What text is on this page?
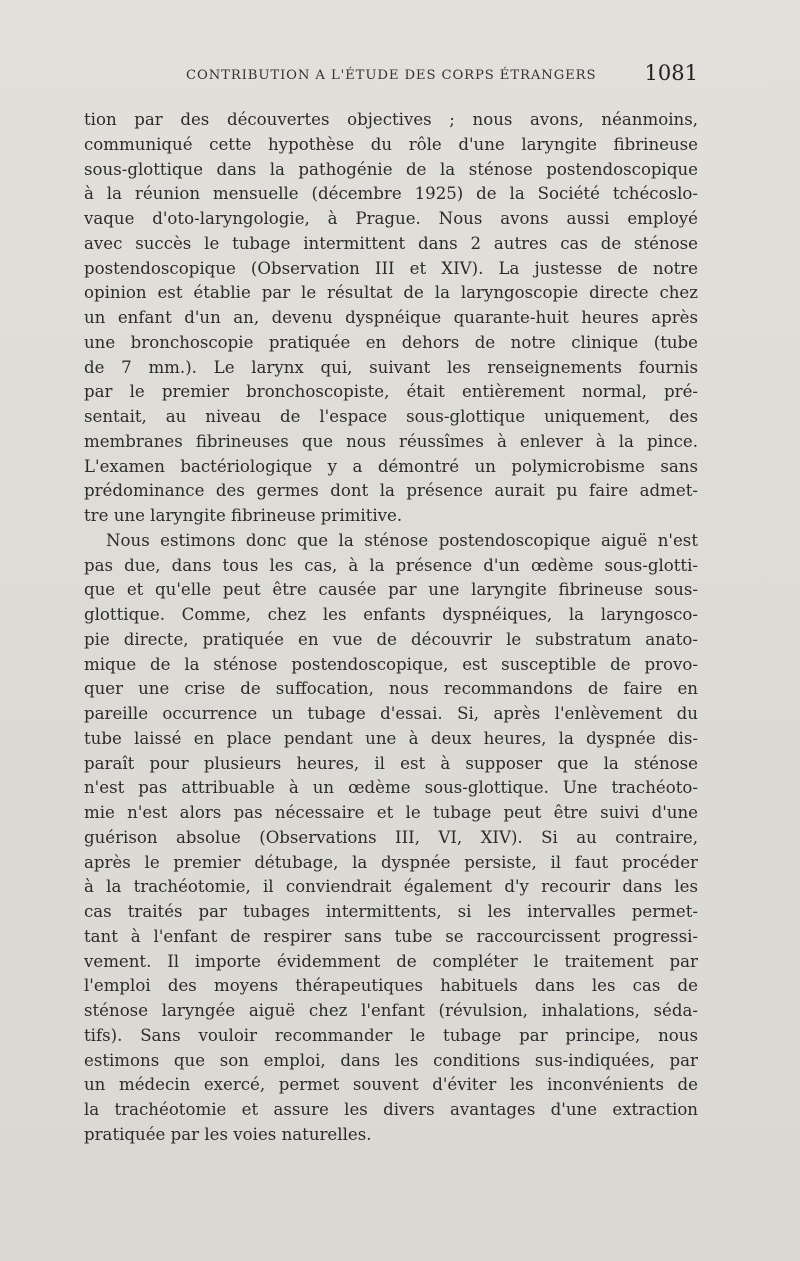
CONTRIBUTION A L'ÉTUDE DES CORPS ÉTRANGERS 1081
tion par des découvertes objectives ; nous avons, néanmoins,
communiqué cette hypothèse du rôle d'une laryngite fibrineuse
sous-glottique dans la pathogénie de la sténose postendoscopique
à la réunion mensuelle (décembre 1925) de la Société tchécoslo-
vaque d'oto-laryngologie, à Prague. Nous avons aussi employé
avec succès le tubage intermittent dans 2 autres cas de sténose
postendoscopique (Observation III et XIV). La justesse de notre
opinion est établie par le résultat de la laryngoscopie directe chez
un enfant d'un an, devenu dyspnéique quarante-huit heures après
une bronchoscopie pratiquée en dehors de notre clinique (tube
de 7 mm.). Le larynx qui, suivant les renseignements fournis
par le premier bronchoscopiste, était entièrement normal, pré-
sentait, au niveau de l'espace sous-glottique uniquement, des
membranes fibrineuses que nous réussîmes à enlever à la pince.
L'examen bactériologique y a démontré un polymicrobisme sans
prédominance des germes dont la présence aurait pu faire admet-
tre une laryngite fibrineuse primitive.
Nous estimons donc que la sténose postendoscopique aiguë n'est
pas due, dans tous les cas, à la présence d'un œdème sous-glotti-
que et qu'elle peut être causée par une laryngite fibrineuse sous-
glottique. Comme, chez les enfants dyspnéiques, la laryngosco-
pie directe, pratiquée en vue de découvrir le substratum anato-
mique de la sténose postendoscopique, est susceptible de provo-
quer une crise de suffocation, nous recommandons de faire en
pareille occurrence un tubage d'essai. Si, après l'enlèvement du
tube laissé en place pendant une à deux heures, la dyspnée dis-
paraît pour plusieurs heures, il est à supposer que la sténose
n'est pas attribuable à un œdème sous-glottique. Une trachéoto-
mie n'est alors pas nécessaire et le tubage peut être suivi d'une
guérison absolue (Observations III, VI, XIV). Si au contraire,
après le premier détubage, la dyspnée persiste, il faut procéder
à la trachéotomie, il conviendrait également d'y recourir dans les
cas traités par tubages intermittents, si les intervalles permet-
tant à l'enfant de respirer sans tube se raccourcissent progressi-
vement. Il importe évidemment de compléter le traitement par
l'emploi des moyens thérapeutiques habituels dans les cas de
sténose laryngée aiguë chez l'enfant (révulsion, inhalations, séda-
tifs). Sans vouloir recommander le tubage par principe, nous
estimons que son emploi, dans les conditions sus-indiquées, par
un médecin exercé, permet souvent d'éviter les inconvénients de
la trachéotomie et assure les divers avantages d'une extraction
pratiquée par les voies naturelles.
